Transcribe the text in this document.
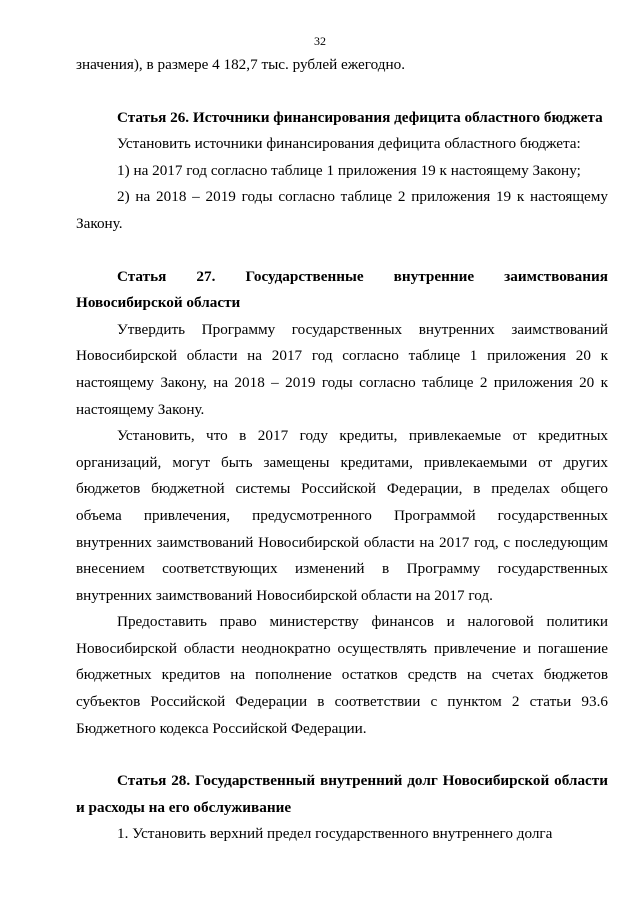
32

значения), в размере 4 182,7 тыс. рублей ежегодно.

Статья 26. Источники финансирования дефицита областного бюджета

Установить источники финансирования дефицита областного бюджета:

1) на 2017 год согласно таблице 1 приложения 19 к настоящему Закону;

2) на 2018 – 2019 годы согласно таблице 2 приложения 19 к настоящему Закону.

Статья 27. Государственные внутренние заимствования Новосибирской области

Утвердить Программу государственных внутренних заимствований Новосибирской области на 2017 год согласно таблице 1 приложения 20 к настоящему Закону, на 2018 – 2019 годы согласно таблице 2 приложения 20 к настоящему Закону.

Установить, что в 2017 году кредиты, привлекаемые от кредитных организаций, могут быть замещены кредитами, привлекаемыми от других бюджетов бюджетной системы Российской Федерации, в пределах общего объема привлечения, предусмотренного Программой государственных внутренних заимствований Новосибирской области на 2017 год, с последующим внесением соответствующих изменений в Программу государственных внутренних заимствований Новосибирской области на 2017 год.

Предоставить право министерству финансов и налоговой политики Новосибирской области неоднократно осуществлять привлечение и погашение бюджетных кредитов на пополнение остатков средств на счетах бюджетов субъектов Российской Федерации в соответствии с пунктом 2 статьи 93.6 Бюджетного кодекса Российской Федерации.

Статья 28. Государственный внутренний долг Новосибирской области и расходы на его обслуживание

1. Установить верхний предел государственного внутреннего долга
